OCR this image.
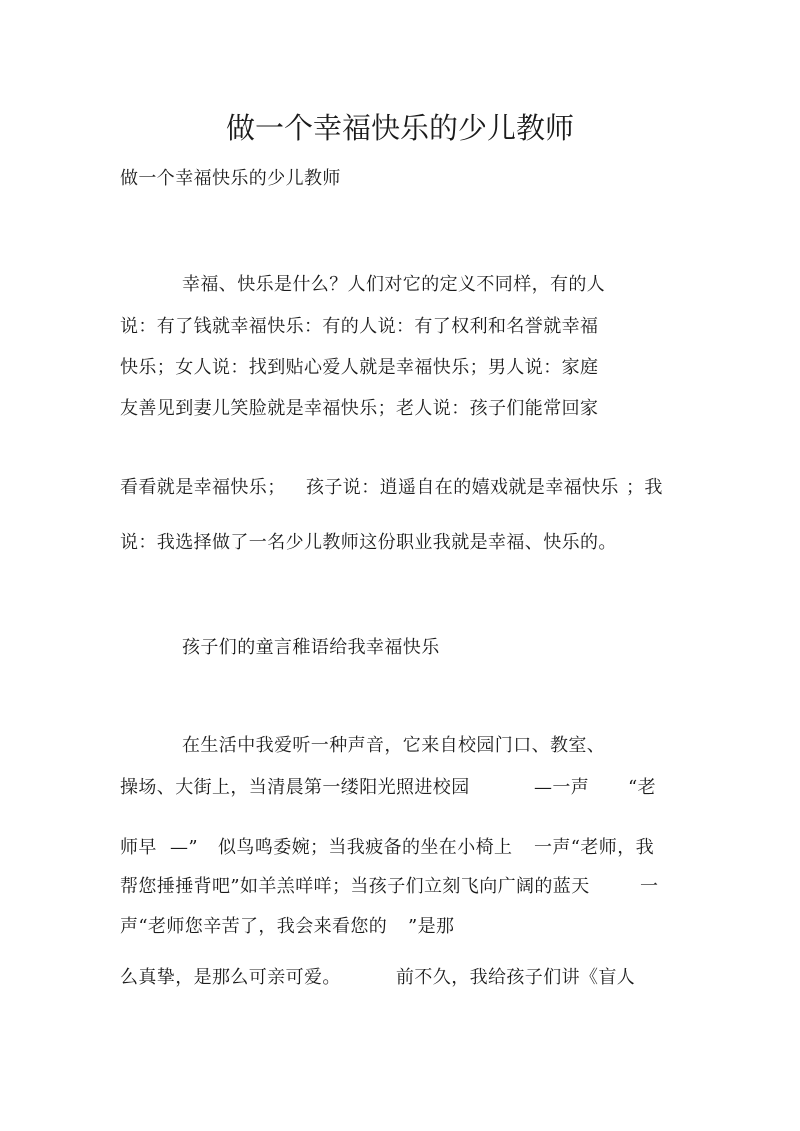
做一个幸福快乐的少儿教师
做一个幸福快乐的少儿教师
幸福、快乐是什么？人们对它的定义不同样，有的人
说：有了钱就幸福快乐：有的人说：有了权利和名誉就幸福
快乐；女人说：找到贴心爱人就是幸福快乐；男人说：家庭
友善见到妻儿笑脸就是幸福快乐；老人说：孩子们能常回家
看看就是幸福快乐； 孩子说：逍遥自在的嬉戏就是幸福快乐 ；我
说：我选择做了一名少儿教师这份职业我就是幸福、快乐的。
孩子们的童言稚语给我幸福快乐
在生活中我爱听一种声音，它来自校园门口、教室、
操场、大街上，当清晨第一缕阳光照进校园	—一声 “老
师早 —” 似鸟鸣委婉；当我疲备的坐在小椅上 一声“老师，我
帮您捶捶背吧”如羊羔咩咩；当孩子们立刻飞向广阔的蓝天	一
声“老师您辛苦了，我会来看您的 ”是那
么真挚，是那么可亲可爱。	前不久，我给孩子们讲《盲人
